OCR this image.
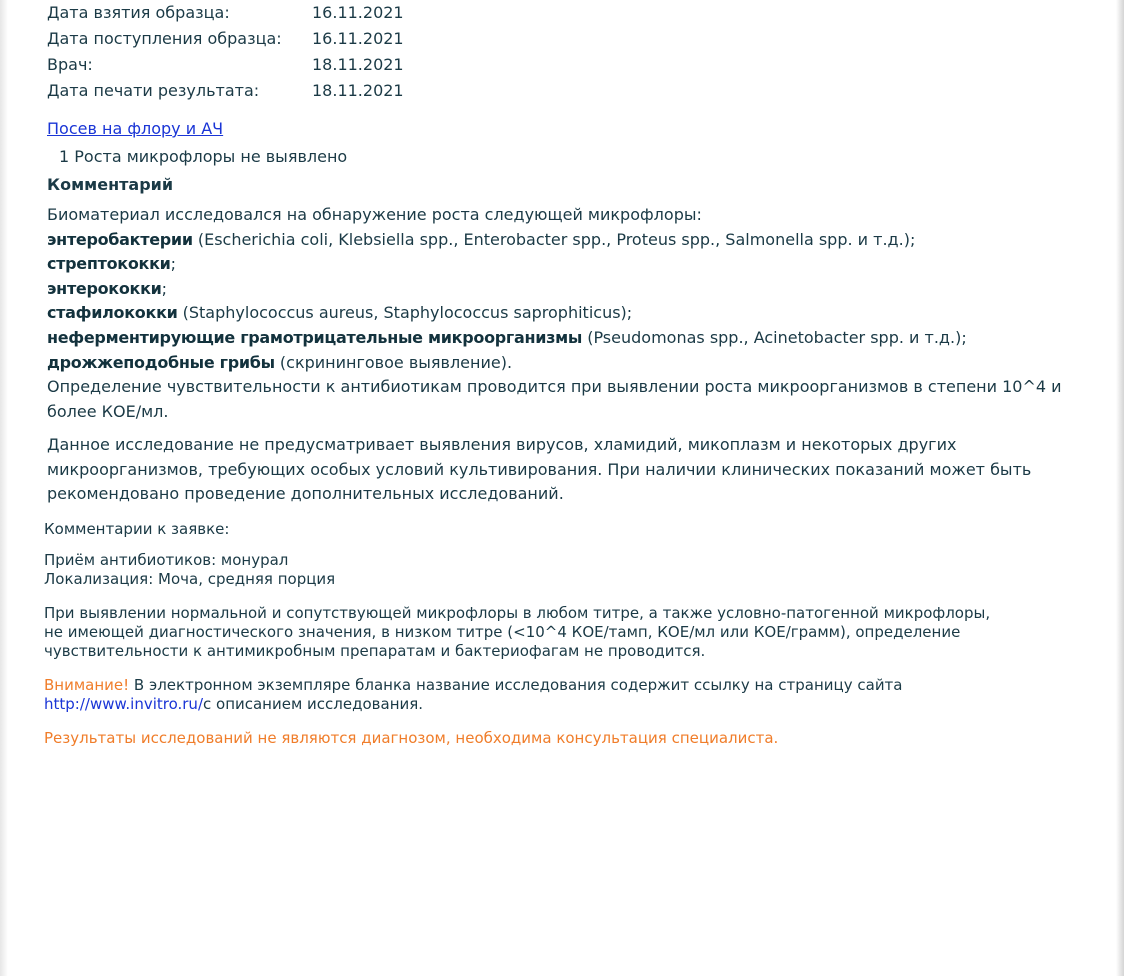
Дата взятия образца:	16.11.2021
Дата поступления образца: 16.11.2021
Врач:	18.11.2021
Дата печати результата:	18.11.2021
Посев на флору и АЧ
1 Роста микрофлоры не выявлено
Комментарий
Биоматериал исследовался на обнаружение роста следующей микрофлоры:
энтеробактерии (Escherichia coli, Klebsiella spp., Enterobacter spp., Proteus spp., Salmonella spp. и т.д.);
стрептококки;
энтерококки;
стафилококки (Staphylococcus aureus, Staphylococcus saprophiticus);
неферментирующие грамотрицательные микроорганизмы (Pseudomonas spp., Acinetobacter spp. и т.д.);
дрожжеподобные грибы (скрининговое выявление).
Определение чувствительности к антибиотикам проводится при выявлении роста микроорганизмов в степени 10^4 и
более КОЕ/мл.
Данное исследование не предусматривает выявления вирусов, хламидий, микоплазм и некоторых других
микроорганизмов, требующих особых условий культивирования. При наличии клинических показаний может быть
рекомендовано проведение дополнительных исследований.
Комментарии к заявке:
Приём антибиотиков: монурал
Локализация: Моча, средняя порция
При выявлении нормальной и сопутствующей микрофлоры в любом титре, а также условно-патогенной микрофлоры,
не имеющей диагностического значения, в низком титре (<10^4 КОЕ/тамп, КОЕ/мл или КОЕ/грамм), определение
чувствительности к антимикробным препаратам и бактериофагам не проводится.
Внимание! В электронном экземпляре бланка название исследования содержит ссылку на страницу сайта
http://www.invitro.ru/с описанием исследования.
Результаты исследований не являются диагнозом, необходима консультация специалиста.
